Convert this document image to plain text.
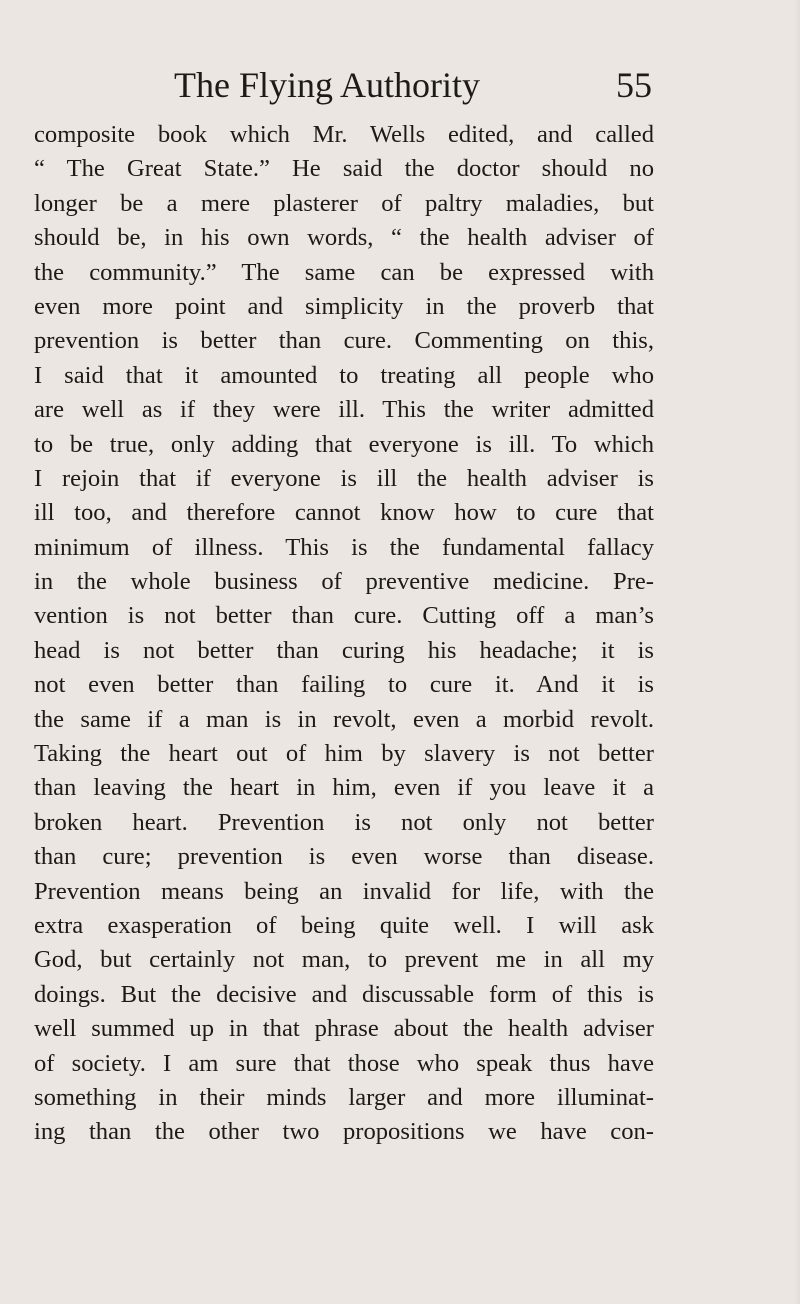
The Flying Authority	55
composite book which Mr. Wells edited, and called
“ The Great State.” He said the doctor should no
longer be a mere plasterer of paltry maladies, but
should be, in his own words, “ the health adviser of
the community.” The same can be expressed with
even more point and simplicity in the proverb that
prevention is better than cure. Commenting on this,
I said that it amounted to treating all people who
are well as if they were ill. This the writer admitted
to be true, only adding that everyone is ill. To which
I rejoin that if everyone is ill the health adviser is
ill too, and therefore cannot know how to cure that
minimum of illness. This is the fundamental fallacy
in the whole business of preventive medicine. Pre-
vention is not better than cure. Cutting off a man’s
head is not better than curing his headache; it is
not even better than failing to cure it. And it is
the same if a man is in revolt, even a morbid revolt.
Taking the heart out of him by slavery is not better
than leaving the heart in him, even if you leave it a
broken heart. Prevention is not only not better
than cure; prevention is even worse than disease.
Prevention means being an invalid for life, with the
extra exasperation of being quite well. I will ask
God, but certainly not man, to prevent me in all my
doings. But the decisive and discussable form of this is
well summed up in that phrase about the health adviser
of society. I am sure that those who speak thus have
something in their minds larger and more illuminat-
ing than the other two propositions we have con-
